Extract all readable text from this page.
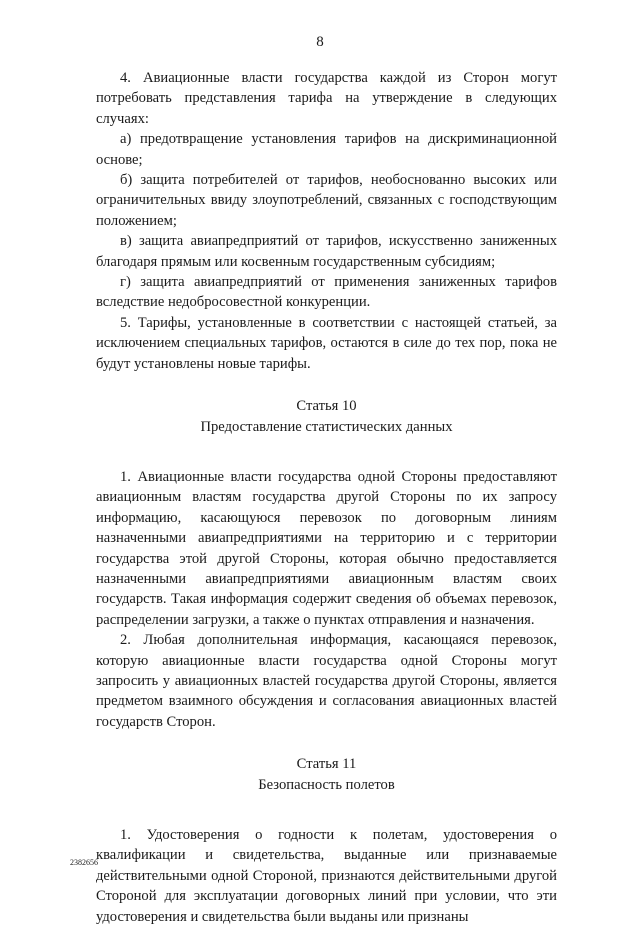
8

4. Авиационные власти государства каждой из Сторон могут потребовать представления тарифа на утверждение в следующих случаях:

а) предотвращение установления тарифов на дискриминационной основе;

б) защита потребителей от тарифов, необоснованно высоких или ограничительных ввиду злоупотреблений, связанных с господствующим положением;

в) защита авиапредприятий от тарифов, искусственно заниженных благодаря прямым или косвенным государственным субсидиям;

г) защита авиапредприятий от применения заниженных тарифов вследствие недобросовестной конкуренции.

5. Тарифы, установленные в соответствии с настоящей статьей, за исключением специальных тарифов, остаются в силе до тех пор, пока не будут установлены новые тарифы.

Статья 10
Предоставление статистических данных

1. Авиационные власти государства одной Стороны предоставляют авиационным властям государства другой Стороны по их запросу информацию, касающуюся перевозок по договорным линиям назначенными авиапредприятиями на территорию и с территории государства этой другой Стороны, которая обычно предоставляется назначенными авиапредприятиями авиационным властям своих государств. Такая информация содержит сведения об объемах перевозок, распределении загрузки, а также о пунктах отправления и назначения.

2. Любая дополнительная информация, касающаяся перевозок, которую авиационные власти государства одной Стороны могут запросить у авиационных властей государства другой Стороны, является предметом взаимного обсуждения и согласования авиационных властей государств Сторон.

Статья 11
Безопасность полетов

1. Удостоверения о годности к полетам, удостоверения о квалификации и свидетельства, выданные или признаваемые действительными одной Стороной, признаются действительными другой Стороной для эксплуатации договорных линий при условии, что эти удостоверения и свидетельства были выданы или признаны

2382656
